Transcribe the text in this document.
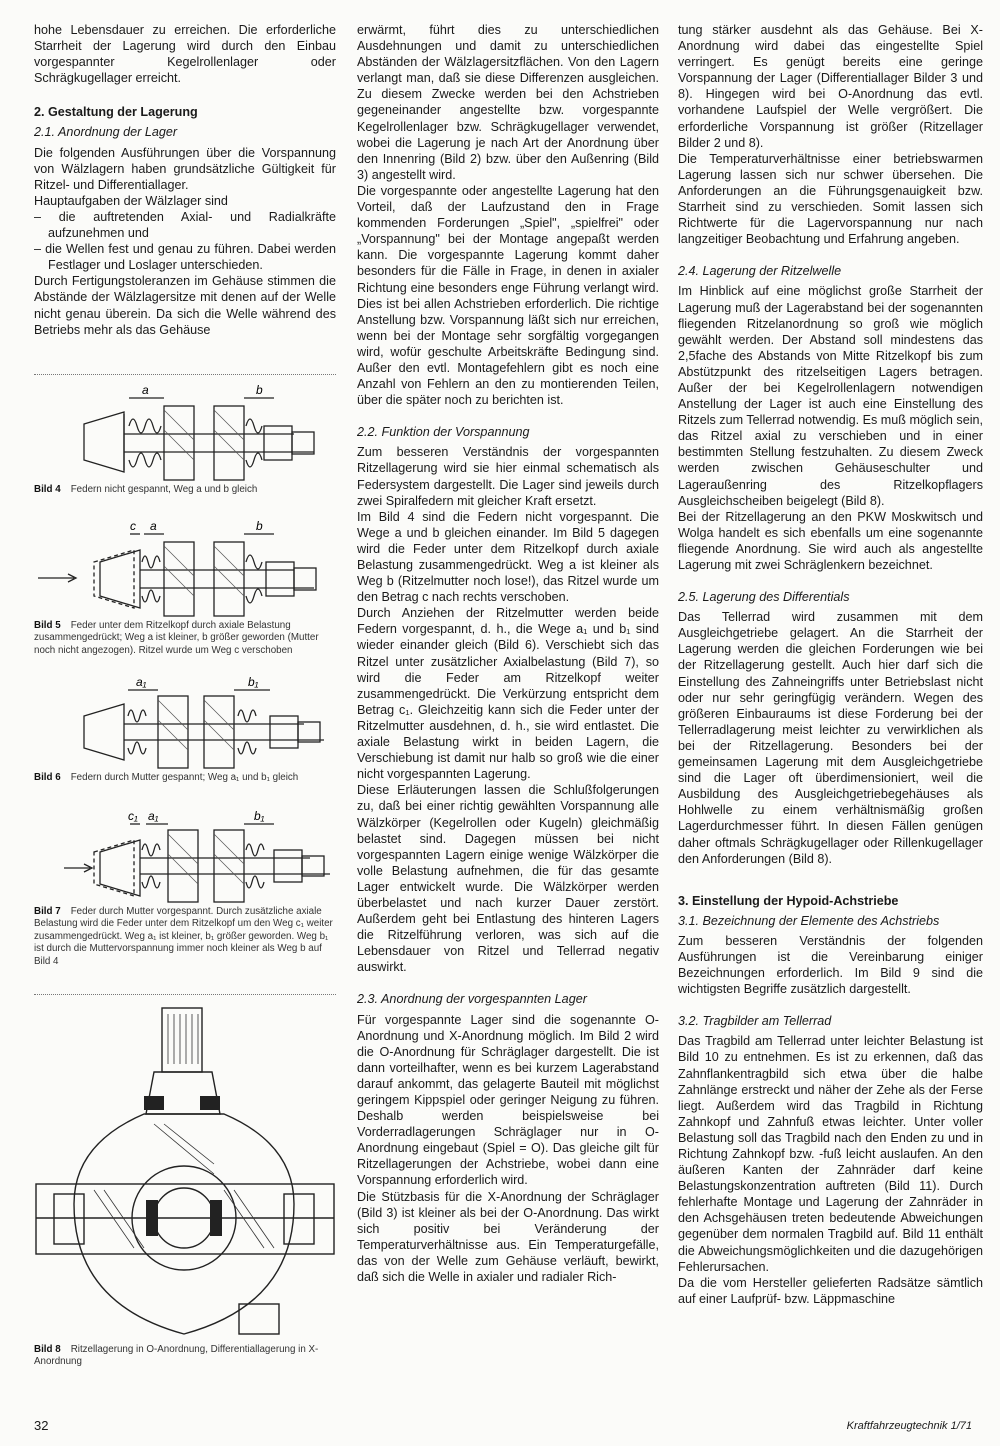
hohe Lebensdauer zu erreichen. Die erforderliche Starrheit der Lagerung wird durch den Einbau vorgespannter Kegelrollenlager oder Schrägkugellager erreicht.

2. Gestaltung der Lagerung

2.1. Anordnung der Lager

Die folgenden Ausführungen über die Vorspannung von Wälzlagern haben grundsätzliche Gültigkeit für Ritzel- und Differentiallager.

Hauptaufgaben der Wälzlager sind

– die auftretenden Axial- und Radialkräfte aufzunehmen und

– die Wellen fest und genau zu führen. Dabei werden Festlager und Loslager unterschieden.

Durch Fertigungstoleranzen im Gehäuse stimmen die Abstände der Wälzlagersitze mit denen auf der Welle nicht genau überein. Da sich die Welle während des Betriebs mehr als das Gehäuse

a	b
Bild 4 Federn nicht gespannt, Weg a und b gleich
c a	b
Bild 5 Feder unter dem Ritzelkopf durch axiale Belastung zusammengedrückt; Weg a ist kleiner, b größer geworden (Mutter noch nicht angezogen). Ritzel wurde um Weg c verschoben
a₁	b₁
Bild 6 Federn durch Mutter gespannt; Weg a₁ und b₁ gleich
c₁ a₁	b₁
Bild 7 Feder durch Mutter vorgespannt. Durch zusätzliche axiale Belastung wird die Feder unter dem Ritzelkopf um den Weg c₁ weiter zusammengedrückt. Weg a₁ ist kleiner, b₁ größer geworden. Weg b₁ ist durch die Muttervorspannung immer noch kleiner als Weg b auf Bild 4
Bild 8 Ritzellagerung in O-Anordnung, Differentiallagerung in X-Anordnung

erwärmt, führt dies zu unterschiedlichen Ausdehnungen und damit zu unterschiedlichen Abständen der Wälzlagersitzflächen. Von den Lagern verlangt man, daß sie diese Differenzen ausgleichen. Zu diesem Zwecke werden bei den Achstrieben gegeneinander angestellte bzw. vorgespannte Kegelrollenlager bzw. Schrägkugellager verwendet, wobei die Lagerung je nach Art der Anordnung über den Innenring (Bild 2) bzw. über den Außenring (Bild 3) angestellt wird.

Die vorgespannte oder angestellte Lagerung hat den Vorteil, daß der Laufzustand den in Frage kommenden Forderungen „Spiel", „spielfrei" oder „Vorspannung" bei der Montage angepaßt werden kann. Die vorgespannte Lagerung kommt daher besonders für die Fälle in Frage, in denen in axialer Richtung eine besonders enge Führung verlangt wird. Dies ist bei allen Achstrieben erforderlich. Die richtige Anstellung bzw. Vorspannung läßt sich nur erreichen, wenn bei der Montage sehr sorgfältig vorgegangen wird, wofür geschulte Arbeitskräfte Bedingung sind. Außer den evtl. Montagefehlern gibt es noch eine Anzahl von Fehlern an den zu montierenden Teilen, über die später noch zu berichten ist.

2.2. Funktion der Vorspannung

Zum besseren Verständnis der vorgespannten Ritzellagerung wird sie hier einmal schematisch als Federsystem dargestellt. Die Lager sind jeweils durch zwei Spiralfedern mit gleicher Kraft ersetzt.

Im Bild 4 sind die Federn nicht vorgespannt. Die Wege a und b gleichen einander. Im Bild 5 dagegen wird die Feder unter dem Ritzelkopf durch axiale Belastung zusammengedrückt. Weg a ist kleiner als Weg b (Ritzelmutter noch lose!), das Ritzel wurde um den Betrag c nach rechts verschoben.

Durch Anziehen der Ritzelmutter werden beide Federn vorgespannt, d. h., die Wege a₁ und b₁ sind wieder einander gleich (Bild 6). Verschiebt sich das Ritzel unter zusätzlicher Axialbelastung (Bild 7), so wird die Feder am Ritzelkopf weiter zusammengedrückt. Die Verkürzung entspricht dem Betrag c₁. Gleichzeitig kann sich die Feder unter der Ritzelmutter ausdehnen, d. h., sie wird entlastet. Die axiale Belastung wirkt in beiden Lagern, die Verschiebung ist damit nur halb so groß wie die einer nicht vorgespannten Lagerung.

Diese Erläuterungen lassen die Schlußfolgerungen zu, daß bei einer richtig gewählten Vorspannung alle Wälzkörper (Kegelrollen oder Kugeln) gleichmäßig belastet sind. Dagegen müssen bei nicht vorgespannten Lagern einige wenige Wälzkörper die volle Belastung aufnehmen, die für das gesamte Lager entwickelt wurde. Die Wälzkörper werden überbelastet und nach kurzer Dauer zerstört. Außerdem geht bei Entlastung des hinteren Lagers die Ritzelführung verloren, was sich auf die Lebensdauer von Ritzel und Tellerrad negativ auswirkt.

2.3. Anordnung der vorgespannten Lager

Für vorgespannte Lager sind die sogenannte O-Anordnung und X-Anordnung möglich. Im Bild 2 wird die O-Anordnung für Schräglager dargestellt. Die ist dann vorteilhafter, wenn es bei kurzem Lagerabstand darauf ankommt, das gelagerte Bauteil mit möglichst geringem Kippspiel oder geringer Neigung zu führen. Deshalb werden beispielsweise bei Vorderradlagerungen Schräglager nur in O-Anordnung eingebaut (Spiel = O). Das gleiche gilt für Ritzellagerungen der Achstriebe, wobei dann eine Vorspannung erforderlich wird.

Die Stützbasis für die X-Anordnung der Schräglager (Bild 3) ist kleiner als bei der O-Anordnung. Das wirkt sich positiv bei Veränderung der Temperaturverhältnisse aus. Ein Temperaturgefälle, das von der Welle zum Gehäuse verläuft, bewirkt, daß sich die Welle in axialer und radialer Rich-

tung stärker ausdehnt als das Gehäuse. Bei X-Anordnung wird dabei das eingestellte Spiel verringert. Es genügt bereits eine geringe Vorspannung der Lager (Differentiallager Bilder 3 und 8). Hingegen wird bei O-Anordnung das evtl. vorhandene Laufspiel der Welle vergrößert. Die erforderliche Vorspannung ist größer (Ritzellager Bilder 2 und 8).

Die Temperaturverhältnisse einer betriebswarmen Lagerung lassen sich nur schwer übersehen. Die Anforderungen an die Führungsgenauigkeit bzw. Starrheit sind zu verschieden. Somit lassen sich Richtwerte für die Lagervorspannung nur nach langzeitiger Beobachtung und Erfahrung angeben.

2.4. Lagerung der Ritzelwelle

Im Hinblick auf eine möglichst große Starrheit der Lagerung muß der Lagerabstand bei der sogenannten fliegenden Ritzelanordnung so groß wie möglich gewählt werden. Der Abstand soll mindestens das 2,5fache des Abstands von Mitte Ritzelkopf bis zum Abstützpunkt des ritzelseitigen Lagers betragen. Außer der bei Kegelrollenlagern notwendigen Anstellung der Lager ist auch eine Einstellung des Ritzels zum Tellerrad notwendig. Es muß möglich sein, das Ritzel axial zu verschieben und in einer bestimmten Stellung festzuhalten. Zu diesem Zweck werden zwischen Gehäuseschulter und Lageraußenring des Ritzelkopflagers Ausgleichscheiben beigelegt (Bild 8).

Bei der Ritzellagerung an den PKW Moskwitsch und Wolga handelt es sich ebenfalls um eine sogenannte fliegende Anordnung. Sie wird auch als angestellte Lagerung mit zwei Schräglenkern bezeichnet.

2.5. Lagerung des Differentials

Das Tellerrad wird zusammen mit dem Ausgleichgetriebe gelagert. An die Starrheit der Lagerung werden die gleichen Forderungen wie bei der Ritzellagerung gestellt. Auch hier darf sich die Einstellung des Zahneingriffs unter Betriebslast nicht oder nur sehr geringfügig verändern. Wegen des größeren Einbauraums ist diese Forderung bei der Tellerradlagerung meist leichter zu verwirklichen als bei der Ritzellagerung. Besonders bei der gemeinsamen Lagerung mit dem Ausgleichgetriebe sind die Lager oft überdimensioniert, weil die Ausbildung des Ausgleichgetriebegehäuses als Hohlwelle zu einem verhältnismäßig großen Lagerdurchmesser führt. In diesen Fällen genügen daher oftmals Schrägkugellager oder Rillenkugellager den Anforderungen (Bild 8).

3. Einstellung der Hypoid-Achstriebe

3.1. Bezeichnung der Elemente des Achstriebs

Zum besseren Verständnis der folgenden Ausführungen ist die Vereinbarung einiger Bezeichnungen erforderlich. Im Bild 9 sind die wichtigsten Begriffe zusätzlich dargestellt.

3.2. Tragbilder am Tellerrad

Das Tragbild am Tellerrad unter leichter Belastung ist Bild 10 zu entnehmen. Es ist zu erkennen, daß das Zahnflankentragbild sich etwa über die halbe Zahnlänge erstreckt und näher der Zehe als der Ferse liegt. Außerdem wird das Tragbild in Richtung Zahnkopf und Zahnfuß etwas leichter. Unter voller Belastung soll das Tragbild nach den Enden zu und in Richtung Zahnkopf bzw. -fuß leicht auslaufen. An den äußeren Kanten der Zahnräder darf keine Belastungskonzentration auftreten (Bild 11). Durch fehlerhafte Montage und Lagerung der Zahnräder in den Achsgehäusen treten bedeutende Abweichungen gegenüber dem normalen Tragbild auf. Bild 11 enthält die Abweichungsmöglichkeiten und die dazugehörigen Fehlerursachen.

Da die vom Hersteller gelieferten Radsätze sämtlich auf einer Laufprüf- bzw. Läppmaschine

32	Kraftfahrzeugtechnik 1/71
